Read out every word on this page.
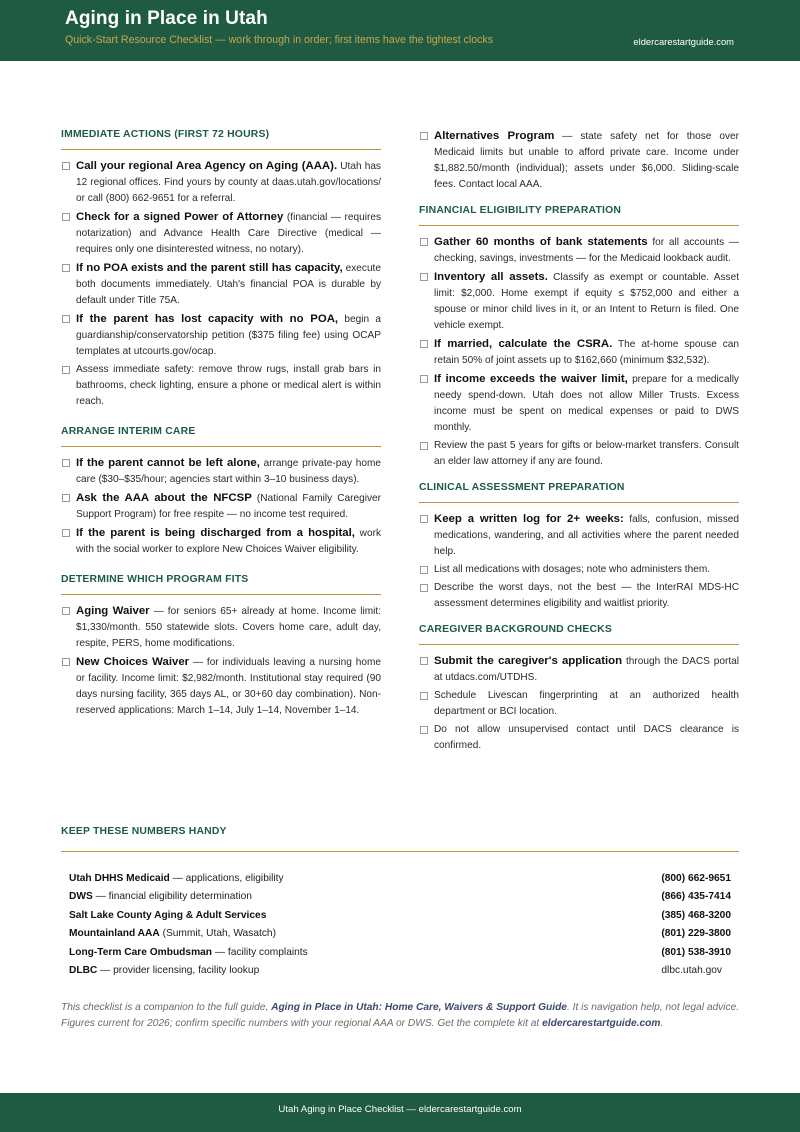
Aging in Place in Utah
Quick-Start Resource Checklist — work through in order; first items have the tightest clocks	eldercarestartguide.com
IMMEDIATE ACTIONS (FIRST 72 HOURS)
Call your regional Area Agency on Aging (AAA). Utah has 12 regional offices. Find yours by county at daas.utah.gov/locations/ or call (800) 662-9651 for a referral.
Check for a signed Power of Attorney (financial — requires notarization) and Advance Health Care Directive (medical — requires only one disinterested witness, no notary).
If no POA exists and the parent still has capacity, execute both documents immediately. Utah's financial POA is durable by default under Title 75A.
If the parent has lost capacity with no POA, begin a guardianship/conservatorship petition ($375 filing fee) using OCAP templates at utcourts.gov/ocap.
Assess immediate safety: remove throw rugs, install grab bars in bathrooms, check lighting, ensure a phone or medical alert is within reach.
ARRANGE INTERIM CARE
If the parent cannot be left alone, arrange private-pay home care ($30–$35/hour; agencies start within 3–10 business days).
Ask the AAA about the NFCSP (National Family Caregiver Support Program) for free respite — no income test required.
If the parent is being discharged from a hospital, work with the social worker to explore New Choices Waiver eligibility.
DETERMINE WHICH PROGRAM FITS
Aging Waiver — for seniors 65+ already at home. Income limit: $1,330/month. 550 statewide slots. Covers home care, adult day, respite, PERS, home modifications.
New Choices Waiver — for individuals leaving a nursing home or facility. Income limit: $2,982/month. Institutional stay required (90 days nursing facility, 365 days AL, or 30+60 day combination). Non-reserved applications: March 1–14, July 1–14, November 1–14.
Alternatives Program — state safety net for those over Medicaid limits but unable to afford private care. Income under $1,882.50/month (individual); assets under $6,000. Sliding-scale fees. Contact local AAA.
FINANCIAL ELIGIBILITY PREPARATION
Gather 60 months of bank statements for all accounts — checking, savings, investments — for the Medicaid lookback audit.
Inventory all assets. Classify as exempt or countable. Asset limit: $2,000. Home exempt if equity ≤ $752,000 and either a spouse or minor child lives in it, or an Intent to Return is filed. One vehicle exempt.
If married, calculate the CSRA. The at-home spouse can retain 50% of joint assets up to $162,660 (minimum $32,532).
If income exceeds the waiver limit, prepare for a medically needy spend-down. Utah does not allow Miller Trusts. Excess income must be spent on medical expenses or paid to DWS monthly.
Review the past 5 years for gifts or below-market transfers. Consult an elder law attorney if any are found.
CLINICAL ASSESSMENT PREPARATION
Keep a written log for 2+ weeks: falls, confusion, missed medications, wandering, and all activities where the parent needed help.
List all medications with dosages; note who administers them.
Describe the worst days, not the best — the InterRAI MDS-HC assessment determines eligibility and waitlist priority.
CAREGIVER BACKGROUND CHECKS
Submit the caregiver's application through the DACS portal at utdacs.com/UTDHS.
Schedule Livescan fingerprinting at an authorized health department or BCI location.
Do not allow unsupervised contact until DACS clearance is confirmed.
KEEP THESE NUMBERS HANDY
Utah DHHS Medicaid — applications, eligibility	(800) 662-9651
DWS — financial eligibility determination	(866) 435-7414
Salt Lake County Aging & Adult Services	(385) 468-3200
Mountainland AAA (Summit, Utah, Wasatch)	(801) 229-3800
Long-Term Care Ombudsman — facility complaints	(801) 538-3910
DLBC — provider licensing, facility lookup	dlbc.utah.gov
This checklist is a companion to the full guide, Aging in Place in Utah: Home Care, Waivers & Support Guide. It is navigation help, not legal advice. Figures current for 2026; confirm specific numbers with your regional AAA or DWS. Get the complete kit at eldercarestartguide.com.
Utah Aging in Place Checklist — eldercarestartguide.com
